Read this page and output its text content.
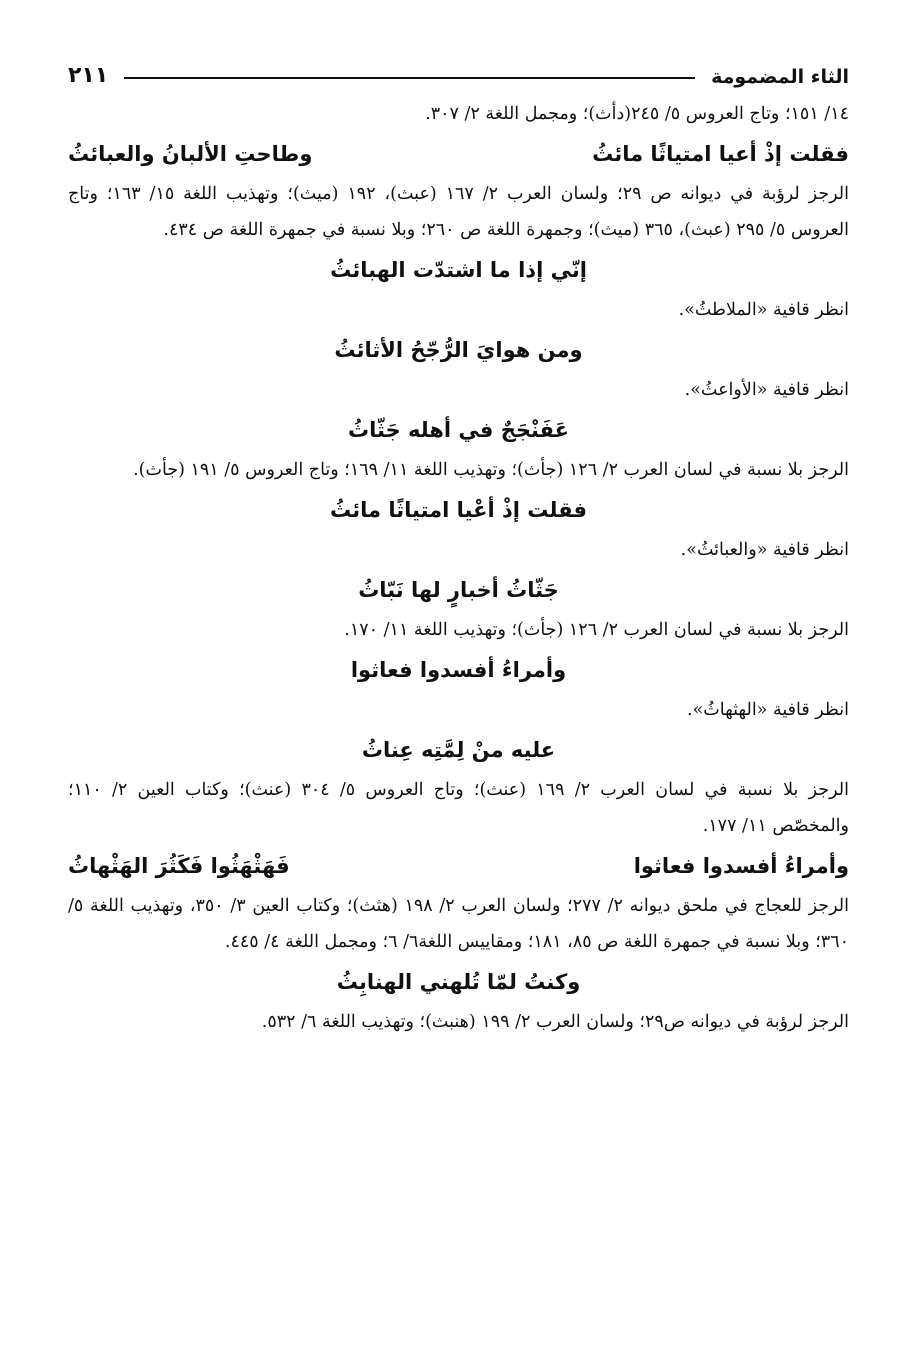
الثاء المضمومة
٢١١

١٤/ ١٥١؛ وتاج العروس ٥/ ٢٤٥(دأث)؛ ومجمل اللغة ٢/ ٣٠٧.

فقلت إذْ أعيا امتياثًا مائثُ
وطاحتِ الألبانُ والعبائثُ

الرجز لرؤبة في ديوانه ص ٢٩؛ ولسان العرب ٢/ ١٦٧ (عبث)، ١٩٢ (ميث)؛ وتهذيب اللغة ١٥/ ١٦٣؛ وتاج العروس ٥/ ٢٩٥ (عبث)، ٣٦٥ (ميث)؛ وجمهرة اللغة ص ٢٦٠؛ وبلا نسبة في جمهرة اللغة ص ٤٣٤.

إنّي إذا ما اشتدّت الهبائثُ

انظر قافية «الملاطثُ».

ومن هوايَ الرُّجّحُ الأثائثُ

انظر قافية «الأواعثُ».

عَفَنْجَجٌ في أهله جَثّاثُ

الرجز بلا نسبة في لسان العرب ٢/ ١٢٦ (جأث)؛ وتهذيب اللغة ١١/ ١٦٩؛ وتاج العروس ٥/ ١٩١ (جأث).

فقلت إذْ أعْيا امتياثًا مائثُ

انظر قافية «والعبائثُ».

جَثّاثُ أخبارٍ لها نَبّاثُ

الرجز بلا نسبة في لسان العرب ٢/ ١٢٦ (جأث)؛ وتهذيب اللغة ١١/ ١٧٠.

وأمراءُ أفسدوا فعاثوا

انظر قافية «الهثهاثُ».

عليه منْ لِمَّتِه عِناثُ

الرجز بلا نسبة في لسان العرب ٢/ ١٦٩ (عنث)؛ وتاج العروس ٥/ ٣٠٤ (عنث)؛ وكتاب العين ٢/ ١١٠؛ والمخصّص ١١/ ١٧٧.

وأمراءُ أفسدوا فعاثوا
فَهَثْهَثُوا فَكَثُرَ الهَثْهاثُ

الرجز للعجاج في ملحق ديوانه ٢/ ٢٧٧؛ ولسان العرب ٢/ ١٩٨ (هثث)؛ وكتاب العين ٣/ ٣٥٠، وتهذيب اللغة ٥/ ٣٦٠؛ وبلا نسبة في جمهرة اللغة ص ٨٥، ١٨١؛ ومقاييس اللغة٦/ ٦؛ ومجمل اللغة ٤/ ٤٤٥.

وكنتُ لمّا تُلهني الهنابِثُ

الرجز لرؤبة في ديوانه ص٢٩؛ ولسان العرب ٢/ ١٩٩ (هنبث)؛ وتهذيب اللغة ٦/ ٥٣٢.
